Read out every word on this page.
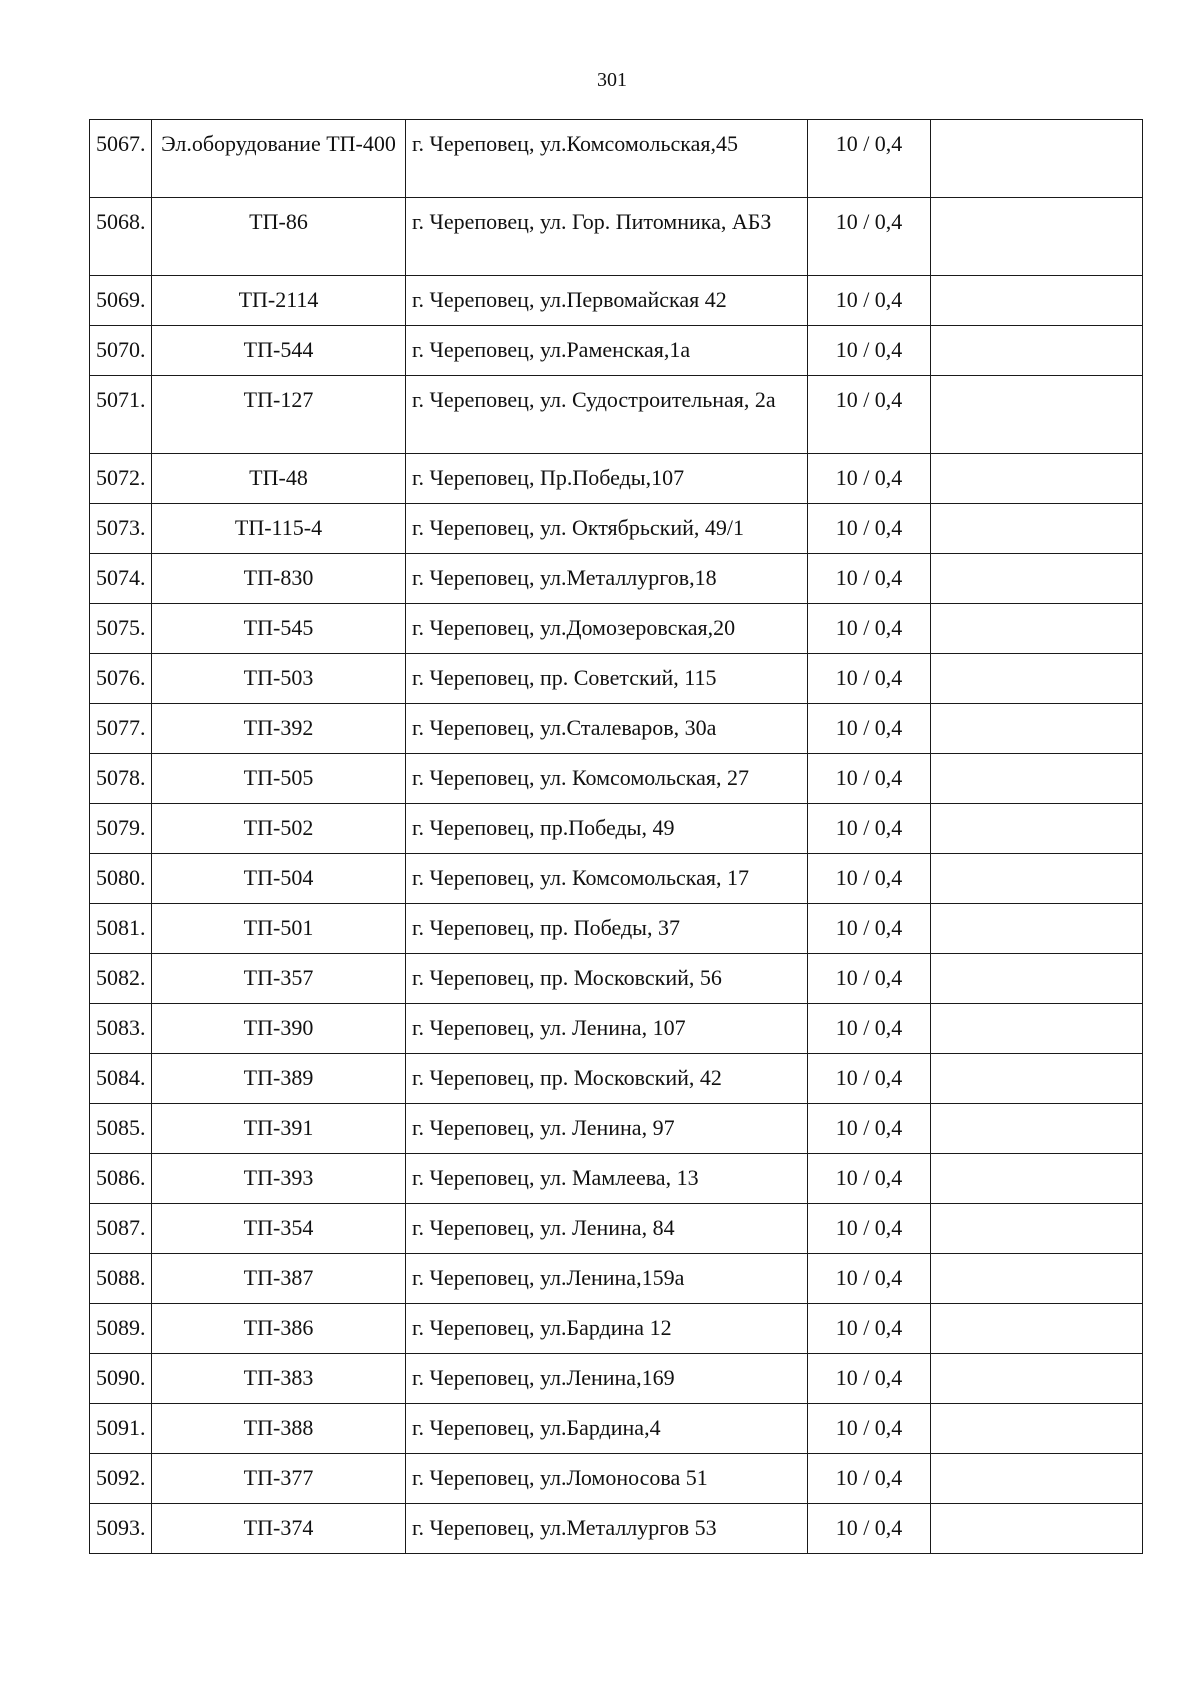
301
5067.	Эл.оборудование ТП-400	г. Череповец, ул.Комсомольская,45	10 / 0,4	
5068.	ТП-86	г. Череповец, ул. Гор. Питомника, АБЗ	10 / 0,4	
5069.	ТП-2114	г. Череповец, ул.Первомайская 42	10 / 0,4	
5070.	ТП-544	г. Череповец, ул.Раменская,1а	10 / 0,4	
5071.	ТП-127	г. Череповец, ул. Судостроительная, 2а	10 / 0,4	
5072.	ТП-48	г. Череповец, Пр.Победы,107	10 / 0,4	
5073.	ТП-115-4	г. Череповец, ул. Октябрьский, 49/1	10 / 0,4	
5074.	ТП-830	г. Череповец, ул.Металлургов,18	10 / 0,4	
5075.	ТП-545	г. Череповец, ул.Домозеровская,20	10 / 0,4	
5076.	ТП-503	г. Череповец, пр. Советский, 115	10 / 0,4	
5077.	ТП-392	г. Череповец, ул.Сталеваров, 30а	10 / 0,4	
5078.	ТП-505	г. Череповец, ул. Комсомольская, 27	10 / 0,4	
5079.	ТП-502	г. Череповец, пр.Победы, 49	10 / 0,4	
5080.	ТП-504	г. Череповец, ул. Комсомольская, 17	10 / 0,4	
5081.	ТП-501	г. Череповец, пр. Победы, 37	10 / 0,4	
5082.	ТП-357	г. Череповец, пр. Московский, 56	10 / 0,4	
5083.	ТП-390	г. Череповец, ул. Ленина, 107	10 / 0,4	
5084.	ТП-389	г. Череповец, пр. Московский, 42	10 / 0,4	
5085.	ТП-391	г. Череповец, ул. Ленина, 97	10 / 0,4	
5086.	ТП-393	г. Череповец, ул. Мамлеева, 13	10 / 0,4	
5087.	ТП-354	г. Череповец, ул. Ленина, 84	10 / 0,4	
5088.	ТП-387	г. Череповец, ул.Ленина,159а	10 / 0,4	
5089.	ТП-386	г. Череповец, ул.Бардина 12	10 / 0,4	
5090.	ТП-383	г. Череповец, ул.Ленина,169	10 / 0,4	
5091.	ТП-388	г. Череповец, ул.Бардина,4	10 / 0,4	
5092.	ТП-377	г. Череповец, ул.Ломоносова 51	10 / 0,4	
5093.	ТП-374	г. Череповец, ул.Металлургов 53	10 / 0,4	
